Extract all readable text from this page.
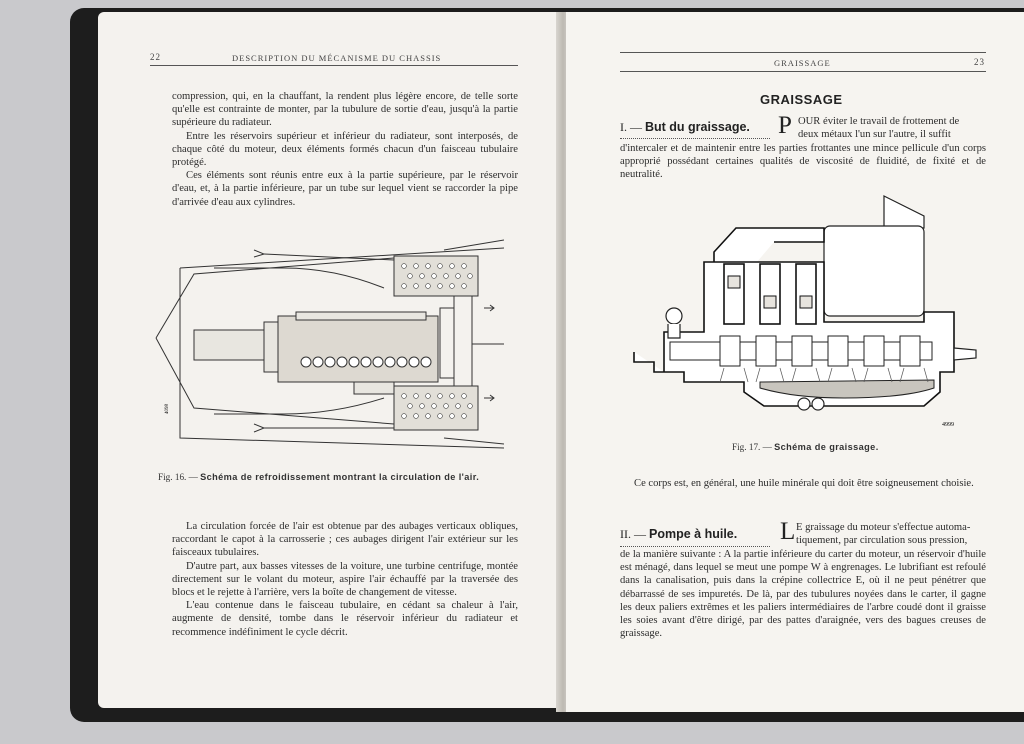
22	DESCRIPTION DU MÉCANISME DU CHASSIS

compression, qui, en la chauffant, la rendent plus légère encore, de telle sorte qu'elle est contrainte de monter, par la tubulure de sortie d'eau, jusqu'à la partie supérieure du radiateur.

Entre les réservoirs supérieur et inférieur du radiateur, sont interposés, de chaque côté du moteur, deux éléments formés chacun d'un faisceau tubulaire protégé.

Ces éléments sont réunis entre eux à la partie supérieure, par le réservoir d'eau, et, à la partie inférieure, par un tube sur lequel vient se raccorder la pipe d'arrivée d'eau aux cylindres.

4098
Fig. 16. — Schéma de refroidissement montrant la circulation de l'air.

La circulation forcée de l'air est obtenue par des aubages verticaux obliques, raccordant le capot à la carrosserie ; ces aubages dirigent l'air extérieur sur les faisceaux tubulaires.

D'autre part, aux basses vitesses de la voiture, une turbine centrifuge, montée directement sur le volant du moteur, aspire l'air échauffé par la traversée des blocs et le rejette à l'arrière, vers la boîte de changement de vitesse.

L'eau contenue dans le faisceau tubulaire, en cédant sa chaleur à l'air, augmente de densité, tombe dans le réservoir inférieur du radiateur et recommence indéfiniment le cycle décrit.

GRAISSAGE	23
GRAISSAGE
I. — But du graissage. P OUR éviter le travail de frottement de

deux métaux l'un sur l'autre, il suffit

d'intercaler et de maintenir entre les parties frottantes une mince pellicule d'un corps approprié possédant certaines qualités de viscosité de fluidité, de fixité et de neutralité.
4999
Fig. 17. — Schéma de graissage.

Ce corps est, en général, une huile minérale qui doit être soigneusement choisie.

II. — Pompe à huile. L E graissage du moteur s'effectue automa-

tiquement, par circulation sous pression,

de la manière suivante : A la partie inférieure du carter du moteur, un réservoir d'huile est ménagé, dans lequel se meut une pompe W à engrenages. Le lubrifiant est refoulé dans la canalisation, puis dans la crépine collectrice E, où il ne peut pénétrer que débarrassé de ses impuretés. De là, par des tubulures noyées dans le carter, il gagne les deux paliers extrêmes et les paliers intermédiaires de l'arbre coudé dont il graisse les soies avant d'être dirigé, par des pattes d'araignée, vers des bagues creuses de graissage.
